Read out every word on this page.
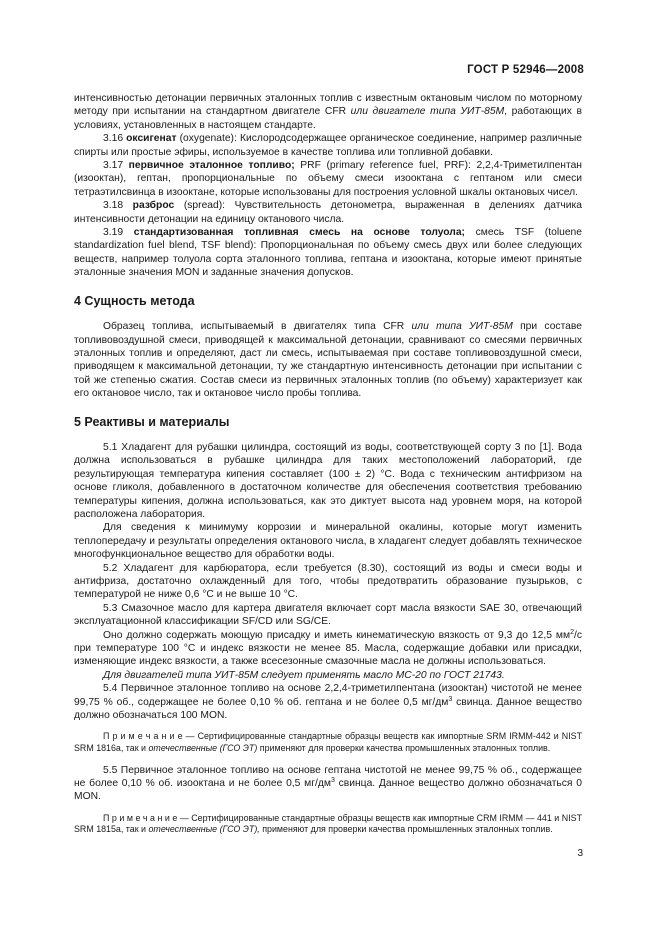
ГОСТ Р 52946—2008

интенсивностью детонации первичных эталонных топлив с известным октановым числом по моторному методу при испытании на стандартном двигателе CFR или двигателе типа УИТ-85М, работающих в условиях, установленных в настоящем стандарте.

3.16 оксигенат (oxygenate): Кислородсодержащее органическое соединение, например различные спирты или простые эфиры, используемое в качестве топлива или топливной добавки.

3.17 первичное эталонное топливо; PRF (primary reference fuel, PRF): 2,2,4-Триметилпентан (изооктан), гептан, пропорциональные по объему смеси изооктана с гептаном или смеси тетраэтилсвинца в изооктане, которые использованы для построения условной шкалы октановых чисел.

3.18 разброс (spread): Чувствительность детонометра, выраженная в делениях датчика интенсивности детонации на единицу октанового числа.

3.19 стандартизованная топливная смесь на основе толуола; смесь TSF (toluene standardization fuel blend, TSF blend): Пропорциональная по объему смесь двух или более следующих веществ, например толуола сорта эталонного топлива, гептана и изооктана, которые имеют принятые эталонные значения MON и заданные значения допусков.

4 Сущность метода

Образец топлива, испытываемый в двигателях типа CFR или типа УИТ-85М при составе топливовоздушной смеси, приводящей к максимальной детонации, сравнивают со смесями первичных эталонных топлив и определяют, даст ли смесь, испытываемая при составе топливовоздушной смеси, приводящем к максимальной детонации, ту же стандартную интенсивность детонации при испытании с той же степенью сжатия. Состав смеси из первичных эталонных топлив (по объему) характеризует как его октановое число, так и октановое число пробы топлива.

5 Реактивы и материалы

5.1 Хладагент для рубашки цилиндра, состоящий из воды, соответствующей сорту 3 по [1]. Вода должна использоваться в рубашке цилиндра для таких местоположений лабораторий, где результирующая температура кипения составляет (100 ± 2) °С. Вода с техническим антифризом на основе гликоля, добавленного в достаточном количестве для обеспечения соответствия требованию температуры кипения, должна использоваться, как это диктует высота над уровнем моря, на которой расположена лаборатория.

Для сведения к минимуму коррозии и минеральной окалины, которые могут изменить теплопередачу и результаты определения октанового числа, в хладагент следует добавлять техническое многофункциональное вещество для обработки воды.

5.2 Хладагент для карбюратора, если требуется (8.30), состоящий из воды и смеси воды и антифриза, достаточно охлажденный для того, чтобы предотвратить образование пузырьков, с температурой не ниже 0,6 °С и не выше 10 °С.

5.3 Смазочное масло для картера двигателя включает сорт масла вязкости SAE 30, отвечающий эксплуатационной классификации SF/CD или SG/CE.

Оно должно содержать моющую присадку и иметь кинематическую вязкость от 9,3 до 12,5 $мм^2/с$ при температуре 100 °С и индекс вязкости не менее 85. Масла, содержащие добавки или присадки, изменяющие индекс вязкости, а также всесезонные смазочные масла не должны использоваться.

Для двигателей типа УИТ-85М следует применять масло МС-20 по ГОСТ 21743.

5.4 Первичное эталонное топливо на основе 2,2,4-триметилпентана (изооктан) чистотой не менее 99,75 % об., содержащее не более 0,10 % об. гептана и не более 0,5 $мг/дм^3$ свинца. Данное вещество должно обозначаться 100 MON.

П р и м е ч а н и е — Сертифицированные стандартные образцы веществ как импортные SRM IRMM-442 и NIST SRM 1816a, так и отечественные (ГСО ЭТ) применяют для проверки качества промышленных эталонных топлив.

5.5 Первичное эталонное топливо на основе гептана чистотой не менее 99,75 % об., содержащее не более 0,10 % об. изооктана и не более 0,5 $мг/дм^3$ свинца. Данное вещество должно обозначаться 0 MON.

П р и м е ч а н и е — Сертифицированные стандартные образцы веществ как импортные CRM IRMM — 441 и NIST SRM 1815a, так и отечественные (ГСО ЭТ), применяют для проверки качества промышленных эталонных топлив.

3
